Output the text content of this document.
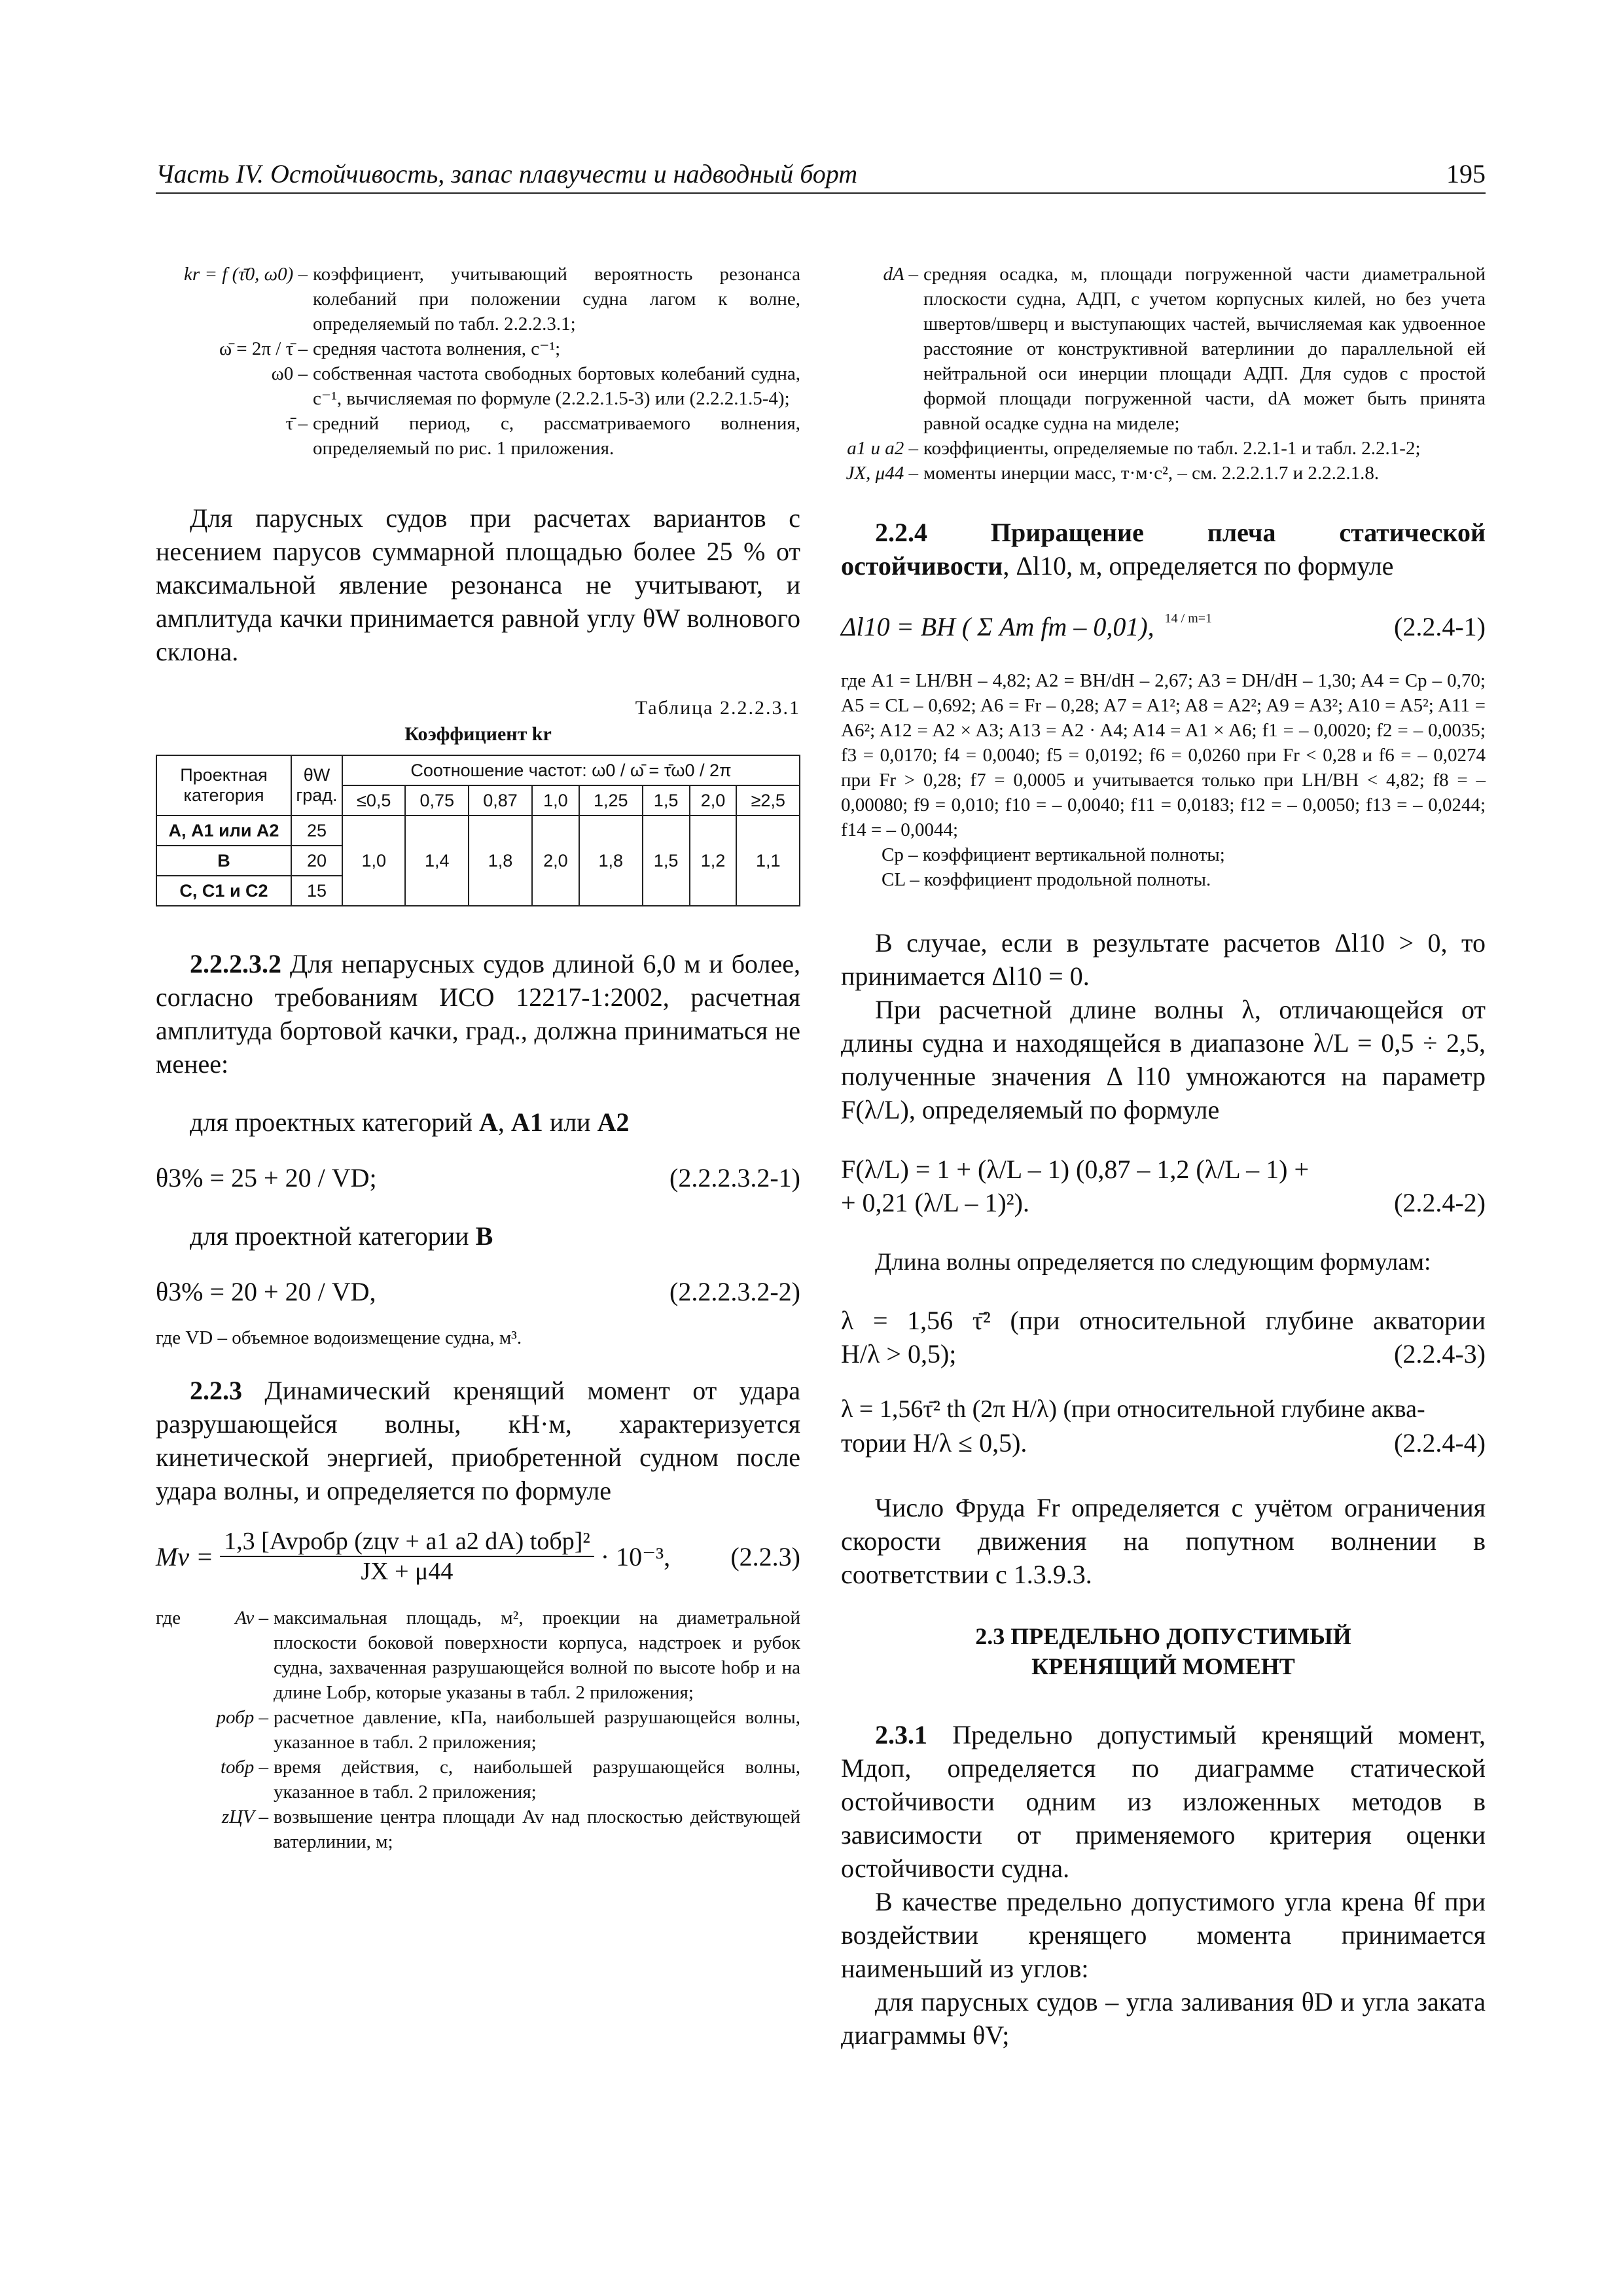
Часть IV. Остойчивость, запас плавучести и надводный борт	195
kr = f (τ̄0, ω0) – коэффициент, учитывающий вероятность резонанса колебаний при положении судна лагом к волне, определяемый по табл. 2.2.2.3.1;
ω̄ = 2π / τ̄ – средняя частота волнения, с⁻¹;
ω0 – собственная частота свободных бортовых колебаний судна, с⁻¹, вычисляемая по формуле (2.2.2.1.5-3) или (2.2.2.1.5-4);
τ̄ – средний период, с, рассматриваемого волнения, определяемый по рис. 1 приложения.

Для парусных судов при расчетах вариантов с несением парусов суммарной площадью более 25 % от максимальной явление резонанса не учитывают, и амплитуда качки принимается равной углу θW волнового склона.

Таблица 2.2.2.3.1
Коэффициент kr
Проектная категория	θW град.	Соотношение частот: ω0 / ω̄ = τ̄ω0 / 2π							
		≤0,5	0,75	0,87	1,0	1,25	1,5	2,0	≥2,5
А, А1 или А2	25	1,0	1,4	1,8	2,0	1,8	1,5	1,2	1,1
В	20								
С, С1 и С2	15								

2.2.2.3.2 Для непарусных судов длиной 6,0 м и более, согласно требованиям ИСО 12217-1:2002, расчетная амплитуда бортовой качки, град., должна приниматься не менее:

для проектных категорий А, А1 или А2

θ3% = 25 + 20 / VD;	(2.2.2.3.2-1)

для проектной категории В

θ3% = 20 + 20 / VD,	(2.2.2.3.2-2)

где VD – объемное водоизмещение судна, м³.

2.2.3 Динамический кренящий момент от удара разрушающейся волны, кН·м, характеризуется кинетической энергией, приобретенной судном после удара волны, и определяется по формуле

$Mv = \frac{\text{1,3 [Avpобр (zцv + a1 a2 dA) tобр]²}}{JX + \mu 44} \cdot 10^{-3}$, (2.2.3)
где	Av – максимальная площадь, м², проекции на диаметральной плоскости боковой поверхности корпуса, надстроек и рубок судна, захваченная разрушающейся волной по высоте hобр и на длине Lобр, которые указаны в табл. 2 приложения;
pобр – расчетное давление, кПа, наибольшей разрушающейся волны, указанное в табл. 2 приложения;
tобр – время действия, с, наибольшей разрушающейся волны, указанное в табл. 2 приложения;
zЦV – возвышение центра площади Av над плоскостью действующей ватерлинии, м;
dA – средняя осадка, м, площади погруженной части диаметральной плоскости судна, AДП, с учетом корпусных килей, но без учета швертов/шверц и выступающих частей, вычисляемая как удвоенное расстояние от конструктивной ватерлинии до параллельной ей нейтральной оси инерции площади AДП. Для судов с простой формой площади погруженной части, dA может быть принята равной осадке судна на миделе;
a1 и a2 – коэффициенты, определяемые по табл. 2.2.1-1 и табл. 2.2.1-2;
JX, μ44 – моменты инерции масс, т·м·с², – см. 2.2.2.1.7 и 2.2.2.1.8.

2.2.4 Приращение плеча статической остойчивости, Δl10, м, определяется по формуле

Δl10 = BH ( Σ Am fm – 0,01), $^{14 / m=1}$	(2.2.4-1)

где A1 = LH/BH – 4,82; A2 = BH/dH – 2,67; A3 = DH/dH – 1,30; A4 = Cp – 0,70; A5 = CL – 0,692; A6 = Fr – 0,28; A7 = A1²; A8 = A2²; A9 = A3²; A10 = A5²; A11 = A6²; A12 = A2 × A3; A13 = A2 · A4; A14 = A1 × A6; f1 = – 0,0020; f2 = – 0,0035; f3 = 0,0170; f4 = 0,0040; f5 = 0,0192; f6 = 0,0260 при Fr < 0,28 и f6 = – 0,0274 при Fr > 0,28; f7 = 0,0005 и учитывается только при LH/BH < 4,82; f8 = – 0,00080; f9 = 0,010; f10 = – 0,0040; f11 = 0,0183; f12 = – 0,0050; f13 = – 0,0244; f14 = – 0,0044;

Cp – коэффициент вертикальной полноты;

CL – коэффициент продольной полноты.

В случае, если в результате расчетов Δl10 > 0, то принимается Δl10 = 0.

При расчетной длине волны λ, отличающейся от длины судна и находящейся в диапазоне λ/L = 0,5 ÷ 2,5, полученные значения Δ l10 умножаются на параметр F(λ/L), определяемый по формуле

F(λ/L) = 1 + (λ/L – 1) (0,87 – 1,2 (λ/L – 1) +
+ 0,21 (λ/L – 1)²).	(2.2.4-2)

Длина волны определяется по следующим формулам:

λ = 1,56 τ̄² (при относительной глубине акватории
H/λ > 0,5);	(2.2.4-3)
λ = 1,56τ̄² th (2π H/λ) (при относительной глубине аква-
тории H/λ ≤ 0,5).	(2.2.4-4)

Число Фруда Fr определяется с учётом ограничения скорости движения на попутном волнении в соответствии с 1.3.9.3.

2.3 ПРЕДЕЛЬНО ДОПУСТИМЫЙ
КРЕНЯЩИЙ МОМЕНТ

2.3.1 Предельно допустимый кренящий момент, Mдоп, определяется по диаграмме статической остойчивости одним из изложенных методов в зависимости от применяемого критерия оценки остойчивости судна.

В качестве предельно допустимого угла крена θf при воздействии кренящего момента принимается наименьший из углов:

для парусных судов – угла заливания θD и угла заката диаграммы θV;
